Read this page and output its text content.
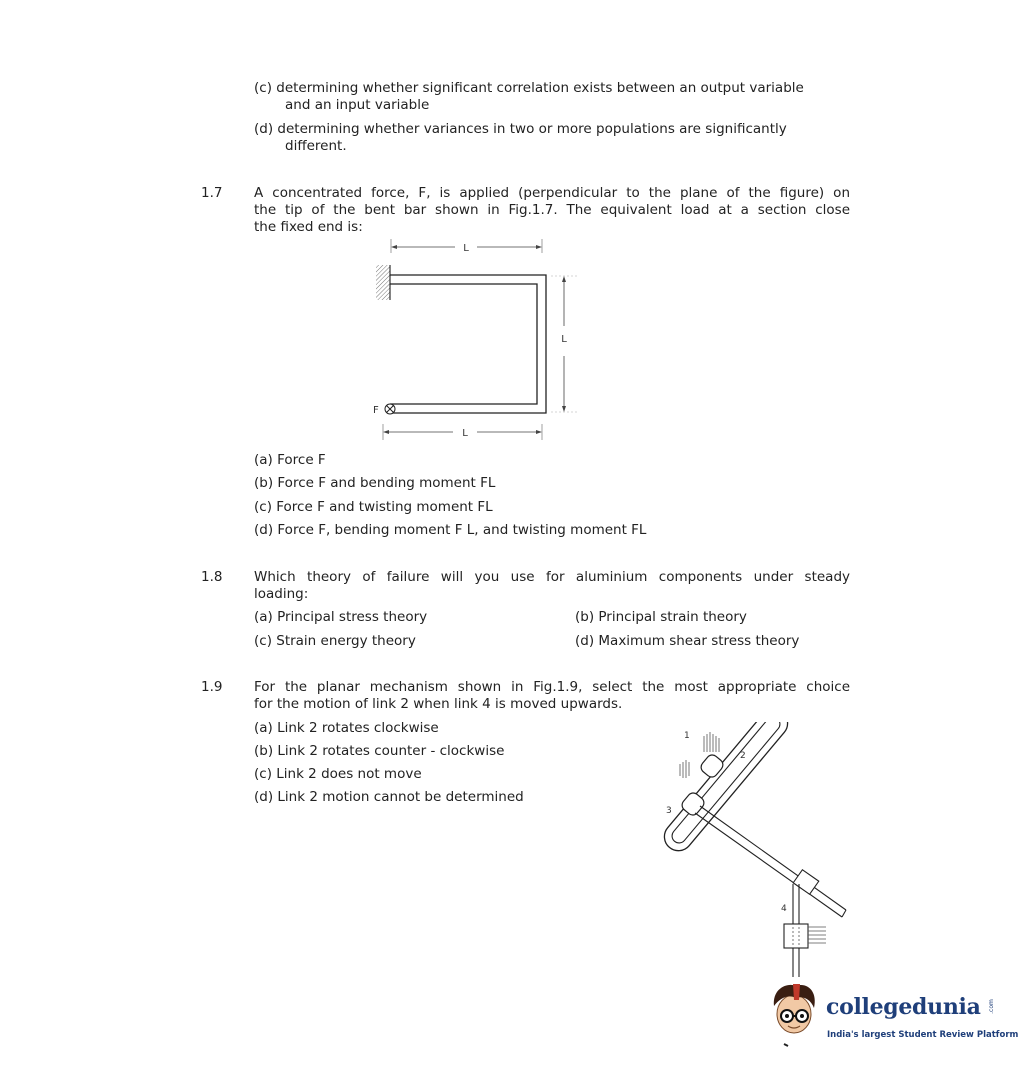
(c) determining whether significant correlation exists between an output variable
and an input variable
(d) determining whether variances in two or more populations are significantly
different.
1.7 A concentrated force, F, is applied (perpendicular to the plane of the figure) on
the tip of the bent bar shown in Fig.1.7. The equivalent load at a section close
the fixed end is:
L
L
F
L
(a) Force F
(b) Force F and bending moment FL
(c) Force F and twisting moment FL
(d) Force F, bending moment F L, and twisting moment FL
1.8 Which theory of failure will you use for aluminium components under steady
loading:
(a) Principal stress theory	(b) Principal strain theory
(c) Strain energy theory	(d) Maximum shear stress theory
1.9 For the planar mechanism shown in Fig.1.9, select the most appropriate choice
for the motion of link 2 when link 4 is moved upwards.
(a) Link 2 rotates clockwise
(b) Link 2 rotates counter - clockwise
(c) Link 2 does not move
(d) Link 2 motion cannot be determined
1
2
3
4
collegedunia .com
India's largest Student Review Platform
